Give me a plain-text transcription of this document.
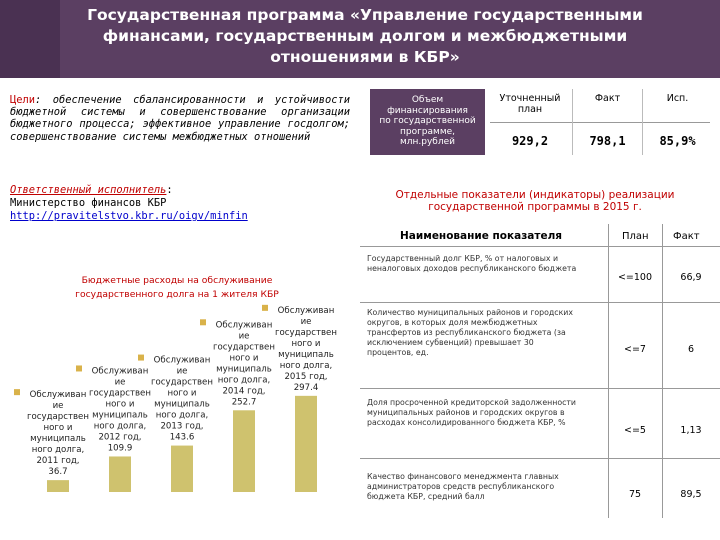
Государственная программа «Управление государственными
финансами, государственным долгом и межбюджетными
отношениями в КБР»
Цели: обеспечение сбалансированности и устойчивости бюджетной системы и совершенствование организации бюджетного процесса; эффективное управление госдолгом; совершенствование системы межбюджетных отношений
Ответственный исполнитель:
Министерство финансов КБР
http://pravitelstvo.kbr.ru/oigv/minfin
Объем
финансирования
по государственной
программе,
млн.рублей
Уточненный
план
Факт	Исп.
929,2	798,1	85,9%
Отдельные показатели (индикаторы) реализации
государственной программы в 2015 г.
Наименование показателя	План Факт
Государственный долг КБР, % от налоговых и
неналоговых доходов республиканского бюджета
<=100	66,9
Количество муниципальных районов и городских
округов, в которых доля межбюджетных
трансфертов из республиканского бюджета (за
исключением субвенций) превышает 30
процентов, ед.	<=7	6
Доля просроченной кредиторской задолженности
муниципальных районов и городских округов в
расходах консолидированного бюджета КБР, %
<=5	1,13
Качество финансового менеджмента главных
администраторов средств республиканского
бюджета КБР, средний балл	75	89,5
Бюджетные расходы на обслуживание
государственного долга на 1 жителя КБР
Обслуживан
ие
государствен
ного и
муниципаль
ного долга,
2011 год,
36.7
Обслуживан
ие
государствен
ного и
муниципаль
ного долга,
2012 год,
109.9
Обслуживан
ие
государствен
ного и
муниципаль
ного долга,
2013 год,
143.6
Обслуживан
ие
государствен
ного и
муниципаль
ного долга,
2014 год,
252.7
Обслуживан
ие
государствен
ного и
муниципаль
ного долга,
2015 год,
297.4
